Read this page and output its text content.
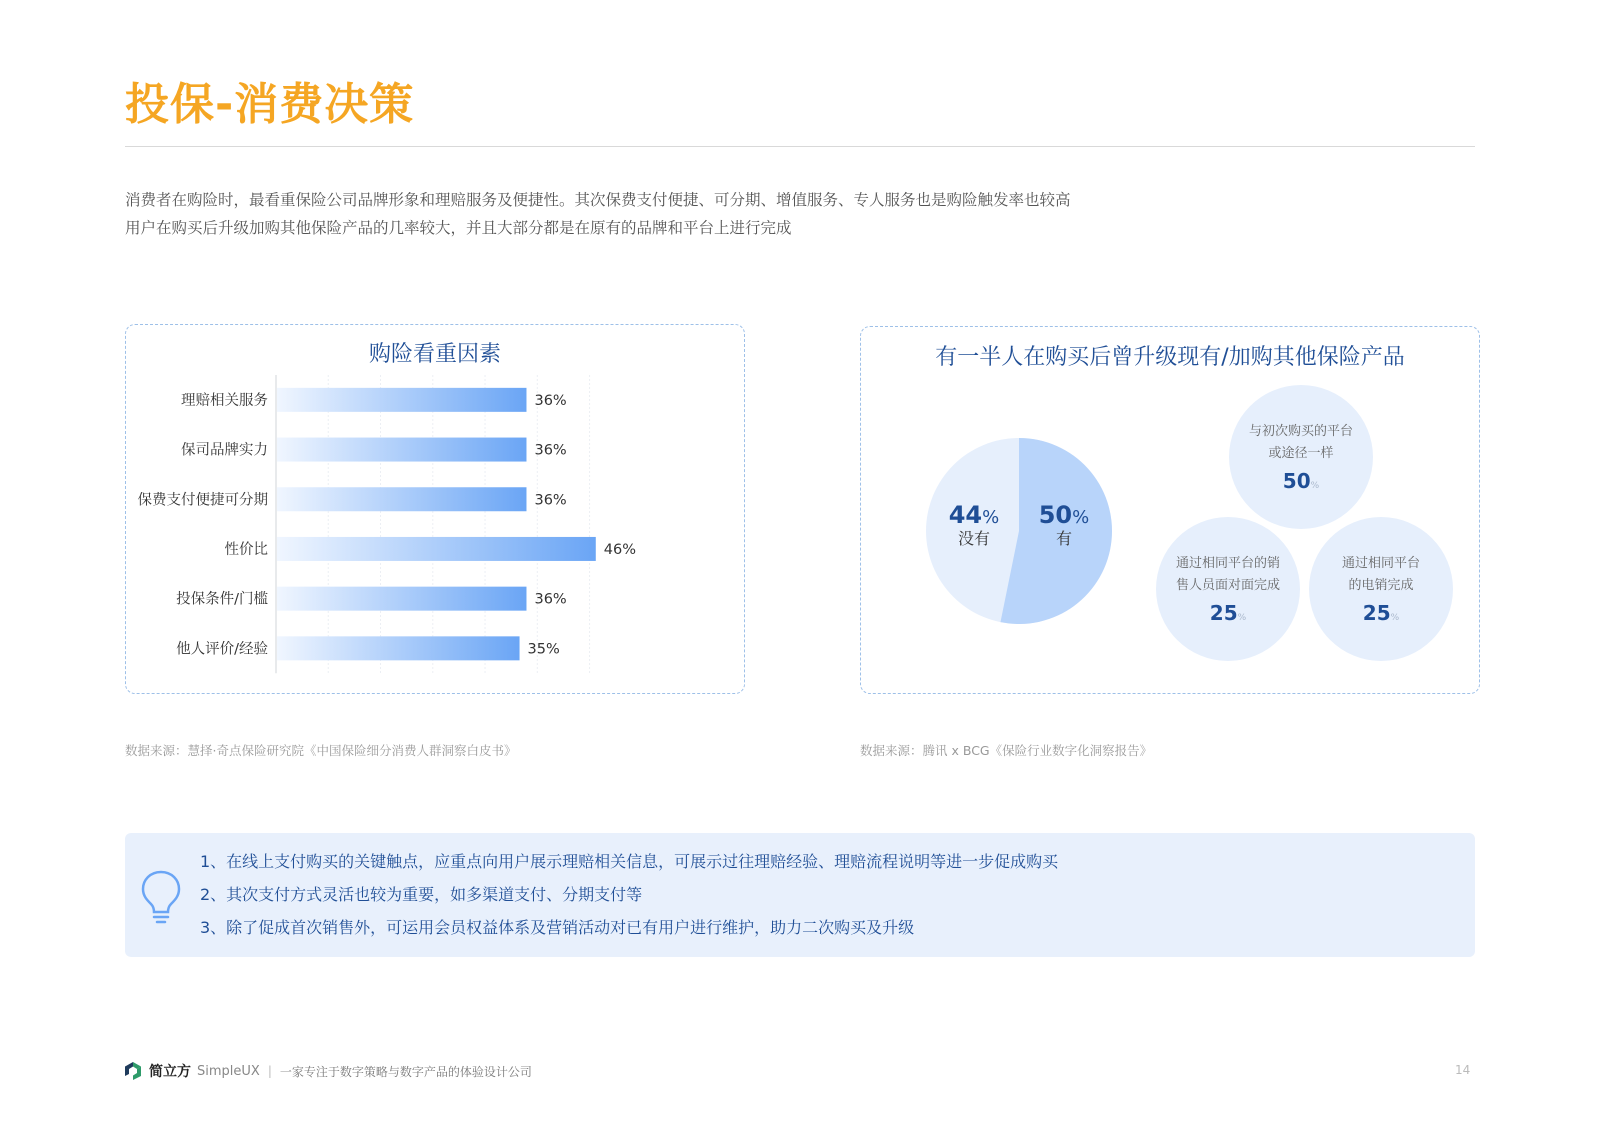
投保-消费决策

消费者在购险时，最看重保险公司品牌形象和理赔服务及便捷性。其次保费支付便捷、可分期、增值服务、专人服务也是购险触发率也较高

用户在购买后升级加购其他保险产品的几率较大，并且大部分都是在原有的品牌和平台上进行完成

购险看重因素
理赔相关服务	36%
保司品牌实力	36%
保费支付便捷可分期	36%
性价比	46%
投保条件/门槛	36%
他人评价/经验	35%
有一半人在购买后曾升级现有/加购其他保险产品
44%
没有
50%
有
与初次购买的平台
或途径一样
50%
通过相同平台的销
售人员面对面完成
25%
通过相同平台
的电销完成
25%
数据来源：慧择·奇点保险研究院《中国保险细分消费人群洞察白皮书》	数据来源：腾讯 x BCG《保险行业数字化洞察报告》
1、在线上支付购买的关键触点，应重点向用户展示理赔相关信息，可展示过往理赔经验、理赔流程说明等进一步促成购买
2、其次支付方式灵活也较为重要，如多渠道支付、分期支付等
3、除了促成首次销售外，可运用会员权益体系及营销活动对已有用户进行维护，助力二次购买及升级
简立方 SimpleUX | 一家专注于数字策略与数字产品的体验设计公司	14
